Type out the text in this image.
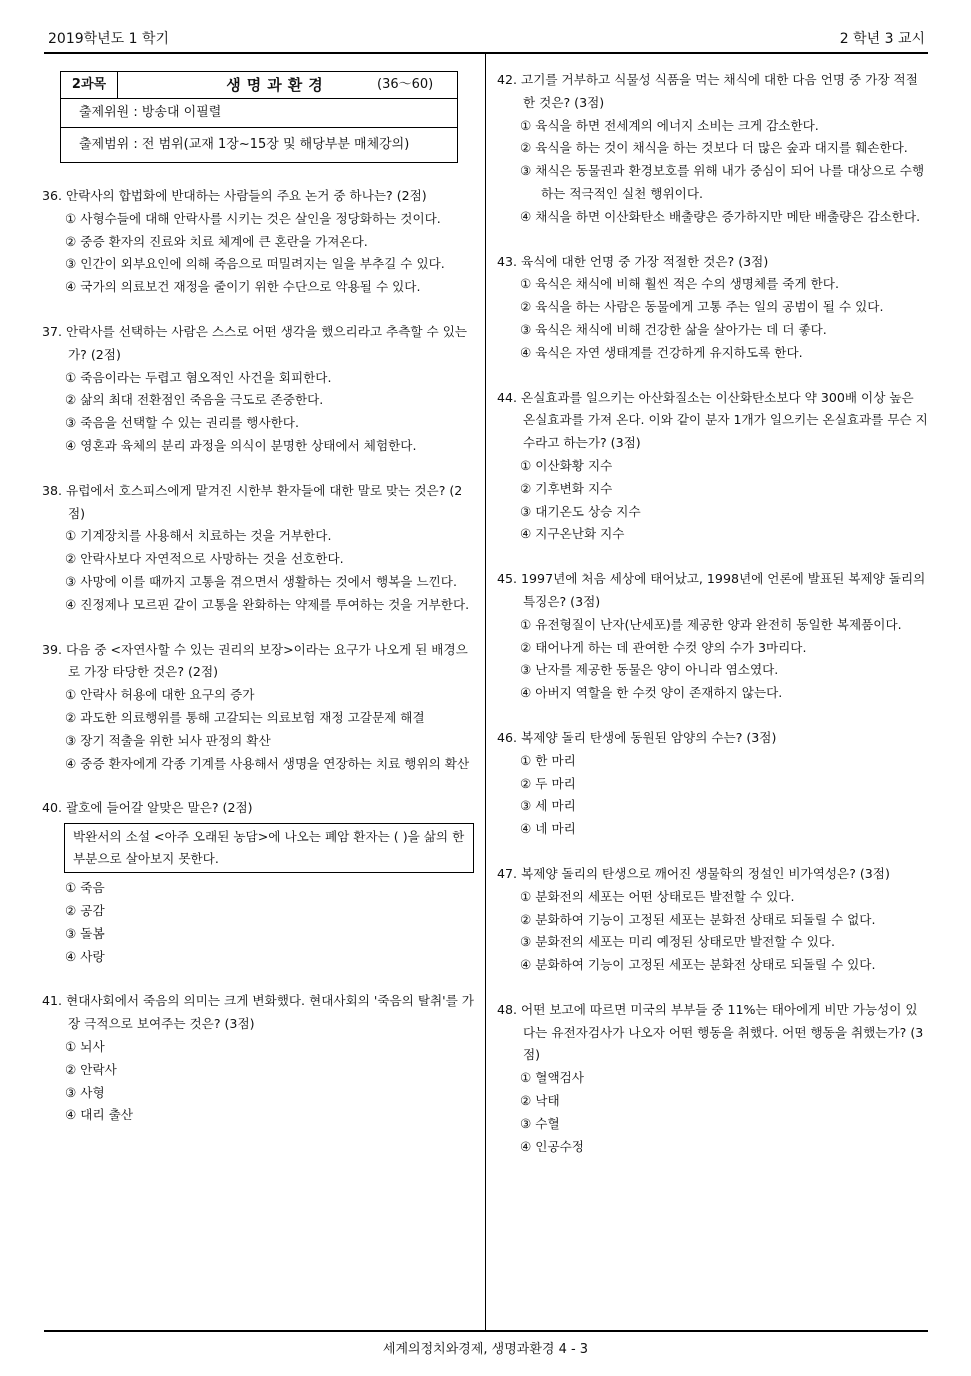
2019학년도 1 학기	2 학년 3 교시
2과목	생명과환경	(36～60)
출제위원 : 방송대 이필렬
출제범위 : 전 범위(교재 1장~15장 및 해당부분 매체강의)
36. 안락사의 합법화에 반대하는 사람들의 주요 논거 중 하나는? (2점)
① 사형수들에 대해 안락사를 시키는 것은 살인을 정당화하는 것이다.
② 중증 환자의 진료와 치료 체계에 큰 혼란을 가져온다.
③ 인간이 외부요인에 의해 죽음으로 떠밀려지는 일을 부추길 수 있다.
④ 국가의 의료보건 재정을 줄이기 위한 수단으로 악용될 수 있다.
37. 안락사를 선택하는 사람은 스스로 어떤 생각을 했으리라고 추측할 수 있는가? (2점)
① 죽음이라는 두렵고 혐오적인 사건을 회피한다.
② 삶의 최대 전환점인 죽음을 극도로 존중한다.
③ 죽음을 선택할 수 있는 권리를 행사한다.
④ 영혼과 육체의 분리 과정을 의식이 분명한 상태에서 체험한다.
38. 유럽에서 호스피스에게 맡겨진 시한부 환자들에 대한 말로 맞는 것은? (2점)
① 기계장치를 사용해서 치료하는 것을 거부한다.
② 안락사보다 자연적으로 사망하는 것을 선호한다.
③ 사망에 이를 때까지 고통을 겪으면서 생활하는 것에서 행복을 느낀다.
④ 진정제나 모르핀 같이 고통을 완화하는 약제를 투여하는 것을 거부한다.
39. 다음 중 <자연사할 수 있는 권리의 보장>이라는 요구가 나오게 된 배경으로 가장 타당한 것은? (2점)
① 안락사 허용에 대한 요구의 증가
② 과도한 의료행위를 통해 고갈되는 의료보험 재정 고갈문제 해결
③ 장기 적출을 위한 뇌사 판정의 확산
④ 중증 환자에게 각종 기계를 사용해서 생명을 연장하는 치료 행위의 확산
40. 괄호에 들어갈 알맞은 말은? (2점)
박완서의 소설 <아주 오래된 농담>에 나오는 폐암 환자는 ( )을 삶의 한 부분으로 살아보지 못한다.
① 죽음
② 공감
③ 돌봄
④ 사랑
41. 현대사회에서 죽음의 의미는 크게 변화했다. 현대사회의 '죽음의 탈취'를 가장 극적으로 보여주는 것은? (3점)
① 뇌사
② 안락사
③ 사형
④ 대리 출산
42. 고기를 거부하고 식물성 식품을 먹는 채식에 대한 다음 언명 중 가장 적절한 것은? (3점)
① 육식을 하면 전세계의 에너지 소비는 크게 감소한다.
② 육식을 하는 것이 채식을 하는 것보다 더 많은 숲과 대지를 훼손한다.
③ 채식은 동물권과 환경보호를 위해 내가 중심이 되어 나를 대상으로 수행하는 적극적인 실천 행위이다.
④ 채식을 하면 이산화탄소 배출량은 증가하지만 메탄 배출량은 감소한다.
43. 육식에 대한 언명 중 가장 적절한 것은? (3점)
① 육식은 채식에 비해 훨씬 적은 수의 생명체를 죽게 한다.
② 육식을 하는 사람은 동물에게 고통 주는 일의 공범이 될 수 있다.
③ 육식은 채식에 비해 건강한 삶을 살아가는 데 더 좋다.
④ 육식은 자연 생태계를 건강하게 유지하도록 한다.
44. 온실효과를 일으키는 아산화질소는 이산화탄소보다 약 300배 이상 높은 온실효과를 가져 온다. 이와 같이 분자 1개가 일으키는 온실효과를 무슨 지수라고 하는가? (3점)
① 이산화황 지수
② 기후변화 지수
③ 대기온도 상승 지수
④ 지구온난화 지수
45. 1997년에 처음 세상에 태어났고, 1998년에 언론에 발표된 복제양 돌리의 특징은? (3점)
① 유전형질이 난자(난세포)를 제공한 양과 완전히 동일한 복제품이다.
② 태어나게 하는 데 관여한 수컷 양의 수가 3마리다.
③ 난자를 제공한 동물은 양이 아니라 염소였다.
④ 아버지 역할을 한 수컷 양이 존재하지 않는다.
46. 복제양 돌리 탄생에 동원된 암양의 수는? (3점)
① 한 마리
② 두 마리
③ 세 마리
④ 네 마리
47. 복제양 돌리의 탄생으로 깨어진 생물학의 정설인 비가역성은? (3점)
① 분화전의 세포는 어떤 상태로든 발전할 수 있다.
② 분화하여 기능이 고정된 세포는 분화전 상태로 되돌릴 수 없다.
③ 분화전의 세포는 미리 예정된 상태로만 발전할 수 있다.
④ 분화하여 기능이 고정된 세포는 분화전 상태로 되돌릴 수 있다.
48. 어떤 보고에 따르면 미국의 부부들 중 11%는 태아에게 비만 가능성이 있다는 유전자검사가 나오자 어떤 행동을 취했다. 어떤 행동을 취했는가? (3점)
① 혈액검사
② 낙태
③ 수혈
④ 인공수정
세계의정치와경제, 생명과환경 4 - 3
